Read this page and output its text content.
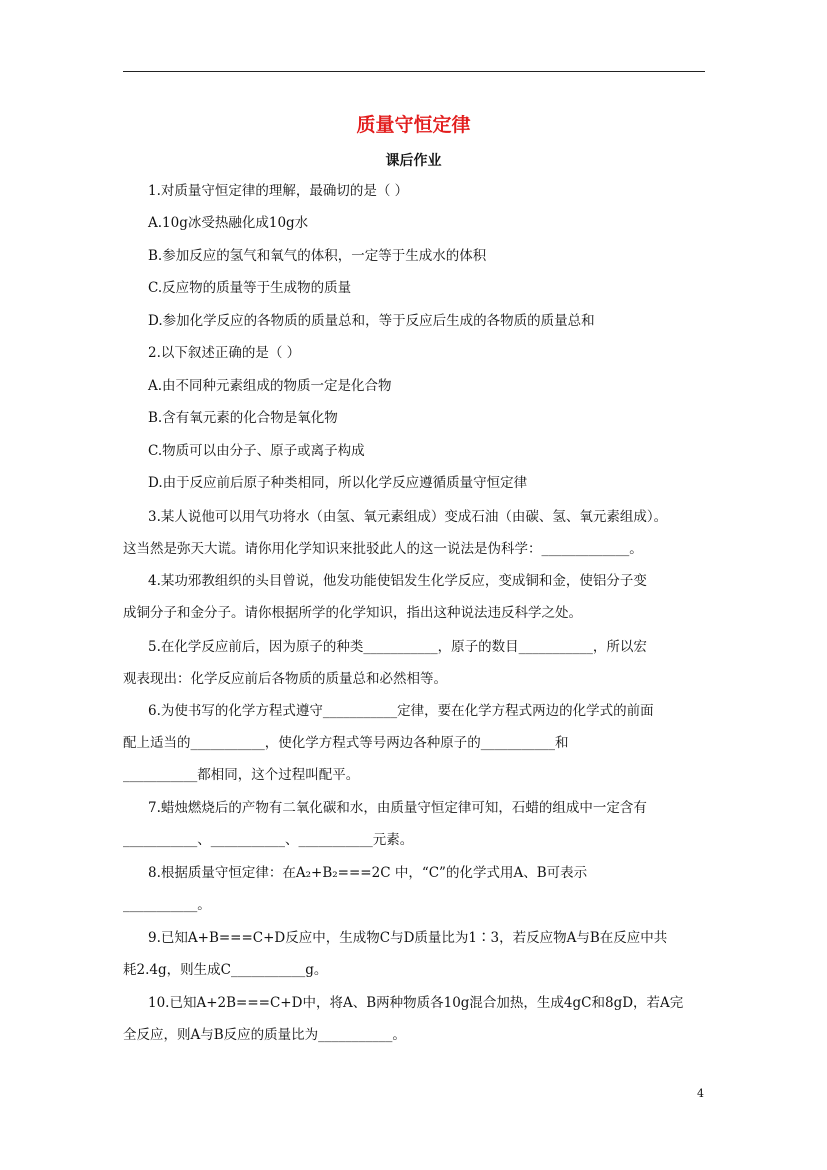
质量守恒定律
课后作业
1.对质量守恒定律的理解，最确切的是（ ）
A.10g冰受热融化成10g水
B.参加反应的氢气和氧气的体积，一定等于生成水的体积
C.反应物的质量等于生成物的质量
D.参加化学反应的各物质的质量总和，等于反应后生成的各物质的质量总和
2.以下叙述正确的是（ ）
A.由不同种元素组成的物质一定是化合物
B.含有氧元素的化合物是氧化物
C.物质可以由分子、原子或离子构成
D.由于反应前后原子种类相同，所以化学反应遵循质量守恒定律
3.某人说他可以用气功将水（由氢、氧元素组成）变成石油（由碳、氢、氧元素组成）。
这当然是弥天大谎。请你用化学知识来批驳此人的这一说法是伪科学：_____________。
4.某功邪教组织的头目曾说，他发功能使铝发生化学反应，变成铜和金，使铝分子变
成铜分子和金分子。请你根据所学的化学知识，指出这种说法违反科学之处。
5.在化学反应前后，因为原子的种类___________，原子的数目___________，所以宏
观表现出：化学反应前后各物质的质量总和必然相等。
6.为使书写的化学方程式遵守___________定律，要在化学方程式两边的化学式的前面
配上适当的___________，使化学方程式等号两边各种原子的___________和
___________都相同，这个过程叫配平。
7.蜡烛燃烧后的产物有二氧化碳和水，由质量守恒定律可知，石蜡的组成中一定含有
___________、___________、___________元素。
8.根据质量守恒定律：在A₂+B₂===2C 中，“C”的化学式用A、B可表示
___________。
9.已知A+B===C+D反应中，生成物C与D质量比为1∶3，若反应物A与B在反应中共
耗2.4g，则生成C___________g。
10.已知A+2B===C+D中，将A、B两种物质各10g混合加热，生成4gC和8gD，若A完
全反应，则A与B反应的质量比为___________。
4
